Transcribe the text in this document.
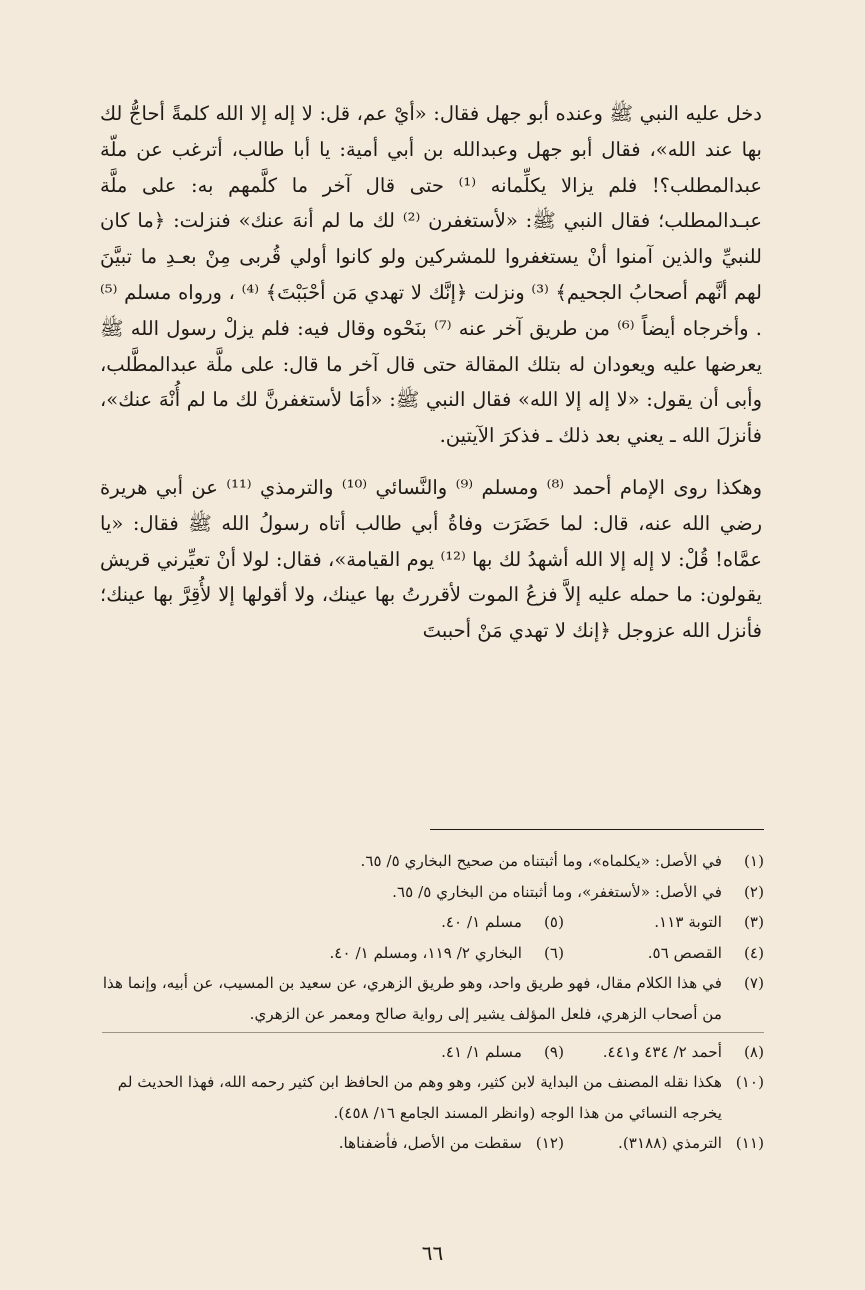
دخل عليه النبي ﷺ وعنده أبو جهل فقال: «أيْ عم، قل: لا إله إلا الله كلمةً أحاجُّ لك بها عند الله»، فقال أبو جهل وعبدالله بن أبي أمية: يا أبا طالب، أترغب عن ملّة عبدالمطلب؟! فلم يزالا يكلِّمانه ⁽¹⁾ حتى قال آخر ما كلَّمهم به: على ملَّة عبـدالمطلب؛ فقال النبي ﷺ: «لأستغفرن ⁽²⁾ لك ما لم أنهَ عنك» فنزلت: ﴿ما كان للنبيِّ والذين آمنوا أنْ يستغفروا للمشركين ولو كانوا أولي قُربى مِنْ بعـدِ ما تبيَّنَ لهم أنَّهم أصحابُ الجحيم﴾ ⁽³⁾ ونزلت ﴿إنَّك لا تهدي مَن أحْبَبْتَ﴾ ⁽⁴⁾ ، ورواه مسلم ⁽⁵⁾ . وأخرجاه أيضاً ⁽⁶⁾ من طريق آخر عنه ⁽⁷⁾ بنَحْوه وقال فيه: فلم يزلْ رسول الله ﷺ يعرضها عليه ويعودان له بتلك المقالة حتى قال آخر ما قال: على ملَّة عبدالمطَّلب، وأبى أن يقول: «لا إله إلا الله» فقال النبي ﷺ: «أمَا لأستغفرنَّ لك ما لم أُنْهَ عنك»، فأنزلَ الله ـ يعني بعد ذلك ـ فذكرَ الآيتين.

وهكذا روى الإمام أحمد ⁽⁸⁾ ومسلم ⁽⁹⁾ والنَّسائي ⁽¹⁰⁾ والترمذي ⁽¹¹⁾ عن أبي هريرة رضي الله عنه، قال: لما حَضَرَت وفاةُ أبي طالب أتاه رسولُ الله ﷺ فقال: «يا عمَّاه! قُلْ: لا إله إلا الله أشهدُ لك بها ⁽¹²⁾ يوم القيامة»، فقال: لولا أنْ تعيِّرني قريش يقولون: ما حمله عليه إلاَّ فزعُ الموت لأقررتُ بها عينك، ولا أقولها إلا لأُقِرَّ بها عينك؛ فأنزل الله عزوجل ﴿إنك لا تهدي مَنْ أحببتَ

(١)
في الأصل: «يكلماه»، وما أثبتناه من صحيح البخاري ٥/ ٦٥.
(٢)
في الأصل: «لأستغفر»، وما أثبتناه من البخاري ٥/ ٦٥.
(٣)
التوبة ١١٣.
(٥)
مسلم ١/ ٤٠.
(٤)
القصص ٥٦.
(٦)
البخاري ٢/ ١١٩، ومسلم ١/ ٤٠.
(٧)
في هذا الكلام مقال، فهو طريق واحد، وهو طريق الزهري، عن سعيد بن المسيب، عن أبيه، وإنما هذا من أصحاب الزهري، فلعل المؤلف يشير إلى رواية صالح ومعمر عن الزهري.
(٨)
أحمد ٢/ ٤٣٤ و٤٤١.
(٩)
مسلم ١/ ٤١.
(١٠)
هكذا نقله المصنف من البداية لابن كثير، وهو وهم من الحافظ ابن كثير رحمه الله، فهذا الحديث لم يخرجه النسائي من هذا الوجه (وانظر المسند الجامع ١٦/ ٤٥٨).
(١١)
الترمذي (٣١٨٨).
(١٢)
سقطت من الأصل، فأضفناها.
٦٦
